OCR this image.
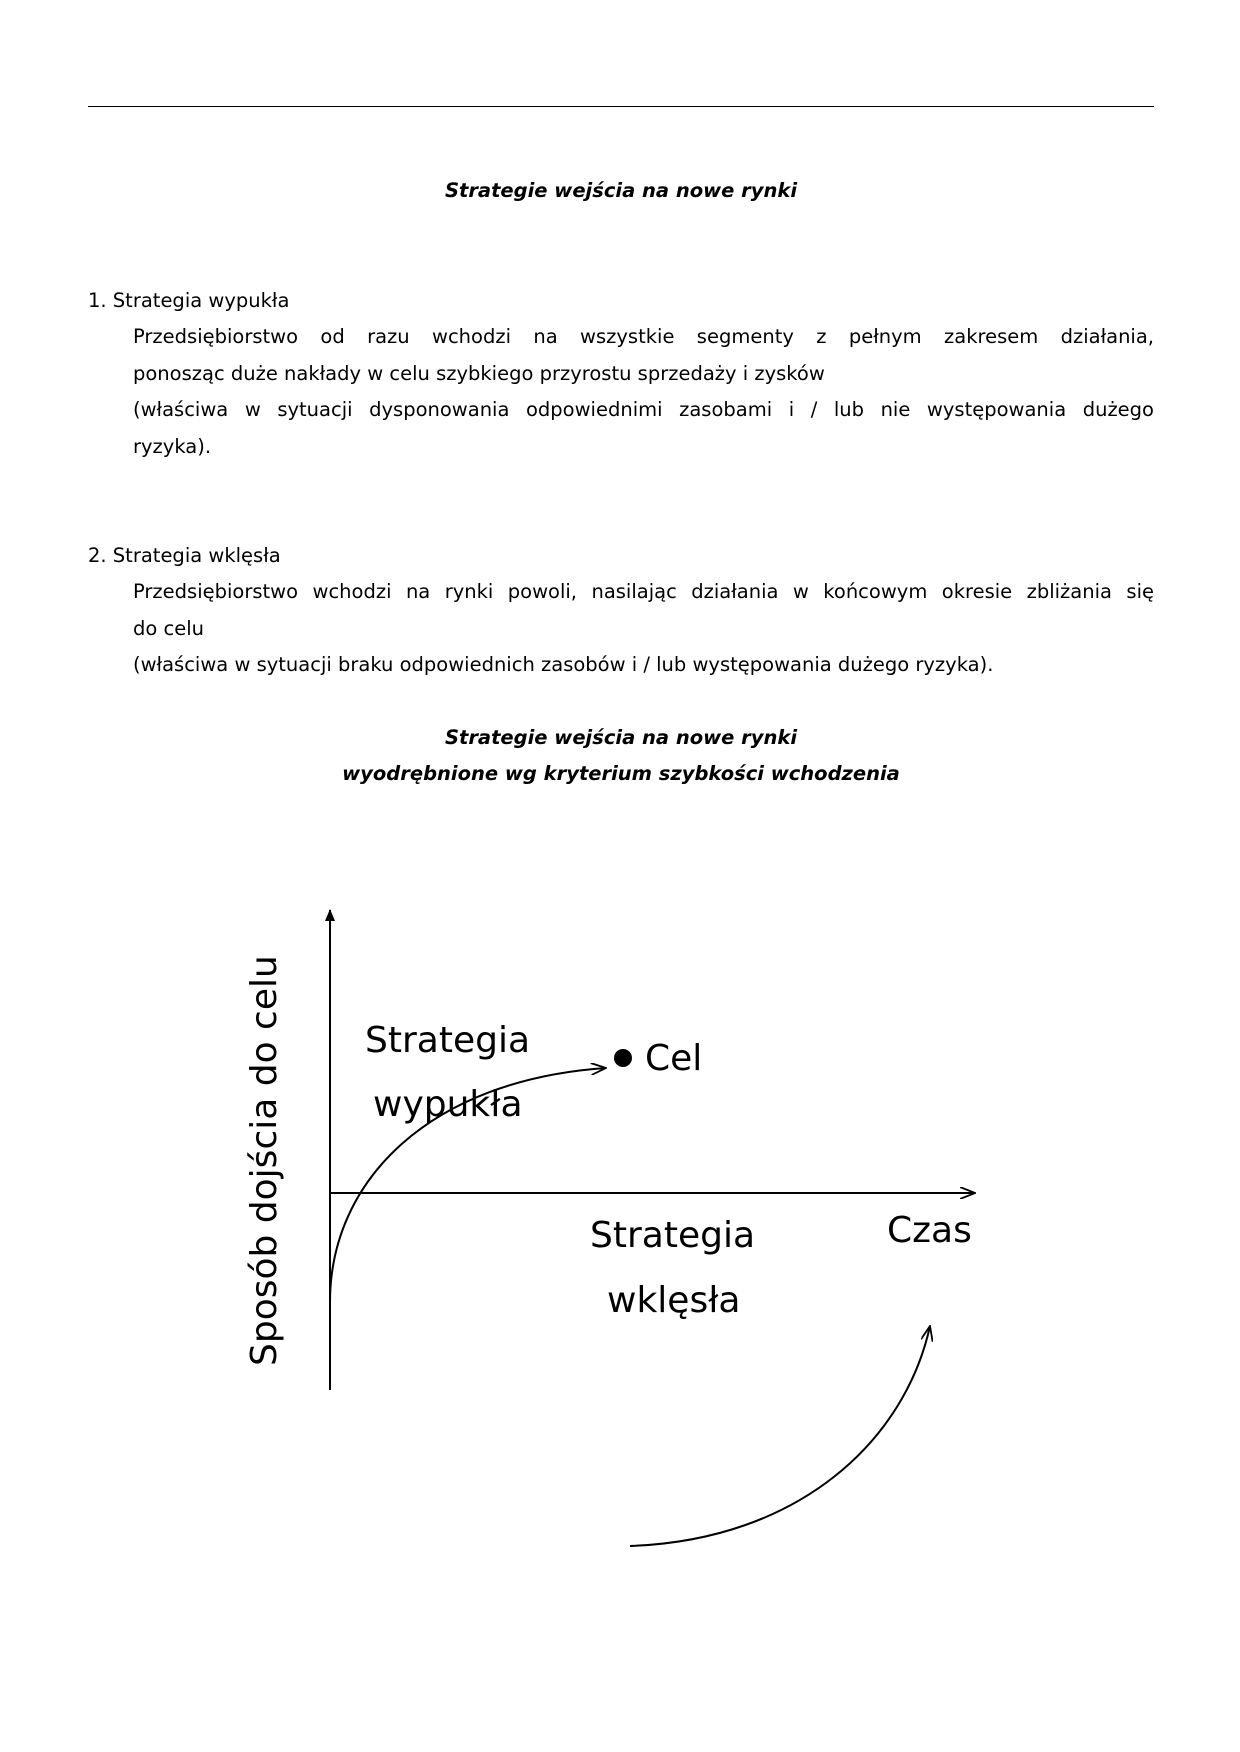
Strategie wejścia na nowe rynki
1. Strategia wypukła
Przedsiębiorstwo od razu wchodzi na wszystkie segmenty z pełnym zakresem działania,
ponosząc duże nakłady w celu szybkiego przyrostu sprzedaży i zysków
(właściwa w sytuacji dysponowania odpowiednimi zasobami i / lub nie występowania dużego
ryzyka).
2. Strategia wklęsła
Przedsiębiorstwo wchodzi na rynki powoli, nasilając działania w końcowym okresie zbliżania się
do celu
(właściwa w sytuacji braku odpowiednich zasobów i / lub występowania dużego ryzyka).
Strategie wejścia na nowe rynki
wyodrębnione wg kryterium szybkości wchodzenia
Cel
Strategia
wypukła
Strategia
wklęsła
Czas
Sposób dojścia do celu
